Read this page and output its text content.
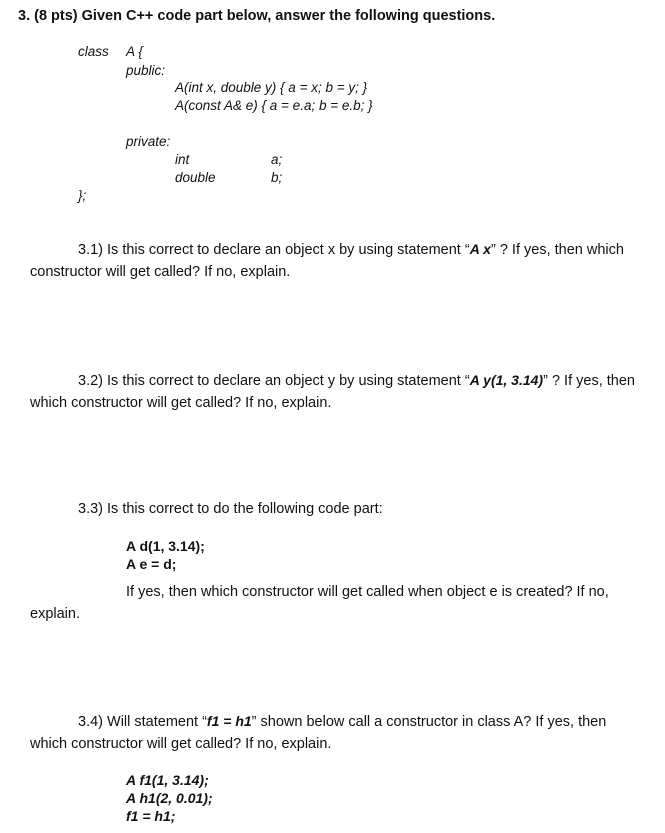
3. (8 pts) Given C++ code part below, answer the following questions.
class A {
public:
A(int x, double y) { a = x; b = y; }
A(const A& e) { a = e.a; b = e.b; }
private:
int	a;
double	b;
};
3.1) Is this correct to declare an object x by using statement “A x” ? If yes, then which
constructor will get called? If no, explain.
3.2) Is this correct to declare an object y by using statement “A y(1, 3.14)” ? If yes, then
which constructor will get called? If no, explain.
3.3) Is this correct to do the following code part:
A d(1, 3.14);
A e = d;
If yes, then which constructor will get called when object e is created? If no,
explain.
3.4) Will statement “f1 = h1” shown below call a constructor in class A? If yes, then
which constructor will get called? If no, explain.
A f1(1, 3.14);
A h1(2, 0.01);
f1 = h1;
